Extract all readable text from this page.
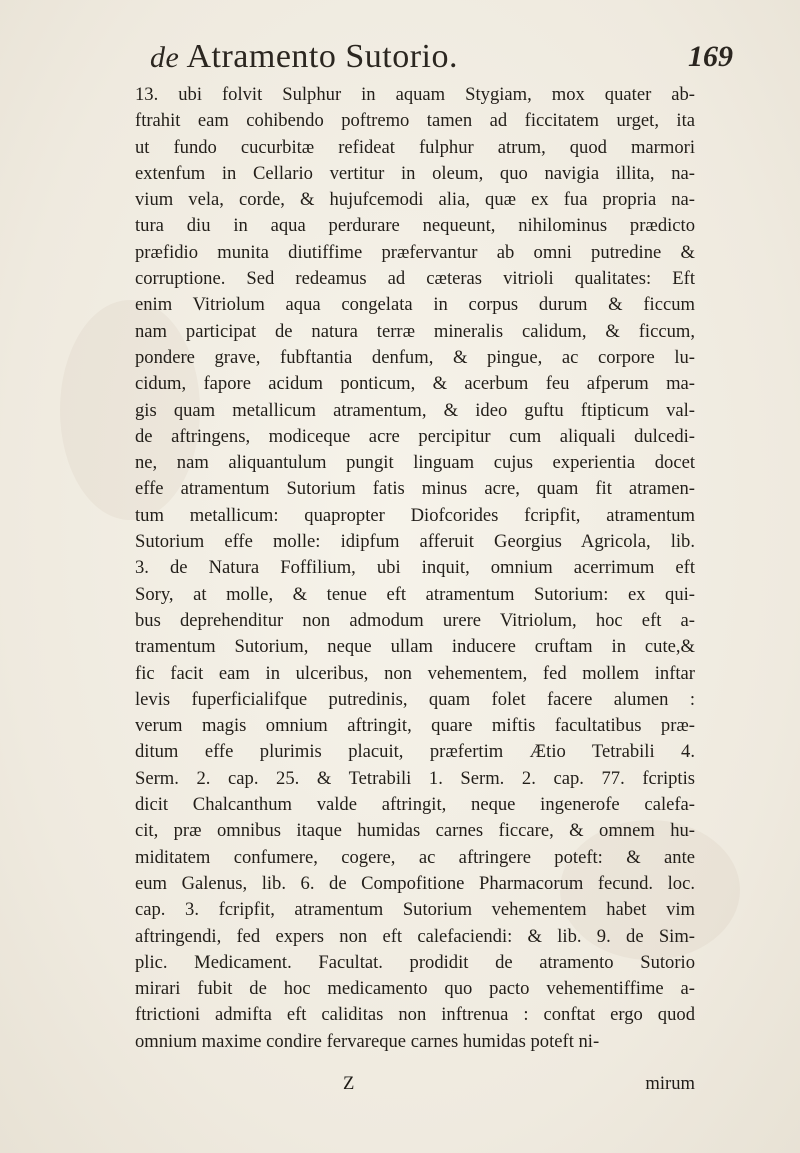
de Atramento Sutorio.	169
13. ubi folvit Sulphur in aquam Stygiam, mox quater ab-
ftrahit eam cohibendo poftremo tamen ad ficcitatem urget, ita
ut fundo cucurbitæ refideat fulphur atrum, quod marmori
extenfum in Cellario vertitur in oleum, quo navigia illita, na-
vium vela, corde, & hujufcemodi alia, quæ ex fua propria na-
tura diu in aqua perdurare nequeunt, nihilominus prædicto
præfidio munita diutiffime præfervantur ab omni putredine &
corruptione. Sed redeamus ad cæteras vitrioli qualitates: Eft
enim Vitriolum aqua congelata in corpus durum & ficcum
nam participat de natura terræ mineralis calidum, & ficcum,
pondere grave, fubftantia denfum, & pingue, ac corpore lu-
cidum, fapore acidum ponticum, & acerbum feu afperum ma-
gis quam metallicum atramentum, & ideo guftu ftipticum val-
de aftringens, modiceque acre percipitur cum aliquali dulcedi-
ne, nam aliquantulum pungit linguam cujus experientia docet
effe atramentum Sutorium fatis minus acre, quam fit atramen-
tum metallicum: quapropter Diofcorides fcripfit, atramentum
Sutorium effe molle: idipfum afferuit Georgius Agricola, lib.
3. de Natura Foffilium, ubi inquit, omnium acerrimum eft
Sory, at molle, & tenue eft atramentum Sutorium: ex qui-
bus deprehenditur non admodum urere Vitriolum, hoc eft a-
tramentum Sutorium, neque ullam inducere cruftam in cute,&
fic facit eam in ulceribus, non vehementem, fed mollem inftar
levis fuperficialifque putredinis, quam folet facere alumen :
verum magis omnium aftringit, quare miftis facultatibus præ-
ditum effe plurimis placuit, præfertim Ætio Tetrabili 4.
Serm. 2. cap. 25. & Tetrabili 1. Serm. 2. cap. 77. fcriptis
dicit Chalcanthum valde aftringit, neque ingenerofe calefa-
cit, præ omnibus itaque humidas carnes ficcare, & omnem hu-
miditatem confumere, cogere, ac aftringere poteft: & ante
eum Galenus, lib. 6. de Compofitione Pharmacorum fecund. loc.
cap. 3. fcripfit, atramentum Sutorium vehementem habet vim
aftringendi, fed expers non eft calefaciendi: & lib. 9. de Sim-
plic. Medicament. Facultat. prodidit de atramento Sutorio
mirari fubit de hoc medicamento quo pacto vehementiffime a-
ftrictioni admifta eft caliditas non inftrenua : conftat ergo quod
omnium maxime condire fervareque carnes humidas poteft ni-
Z	mirum
